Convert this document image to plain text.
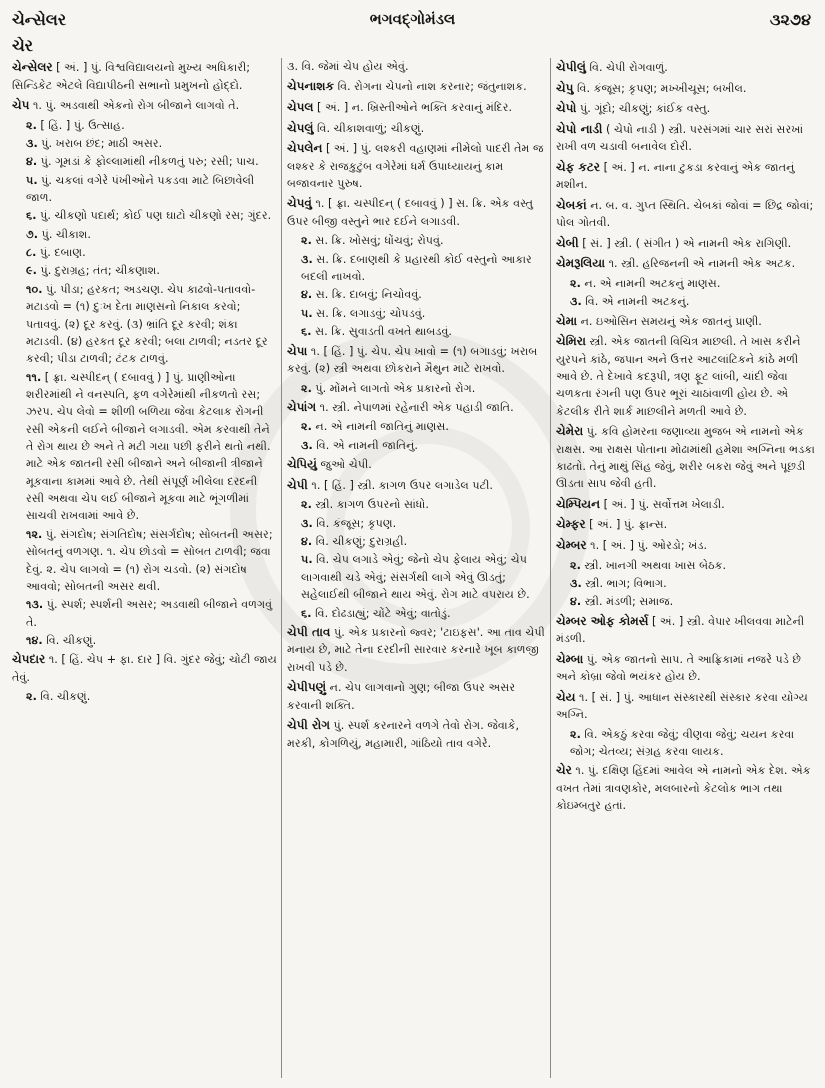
ચેન્સેલર	ભગવદ્ગોમંડલ	૩૨૭૪
ચેર
ચેન્સેલર [ અં. ] પું. વિશ્વવિદ્યાલયનો મુખ્ય અધિકારી; સિન્ડિકેટ એટલે વિદ્યાપીઠની સભાનો પ્રમુખનો હોદ્દો.
ચેપ ૧. પું. અડવાથી એકનો રોગ બીજાને લાગવો તે.
૨. [ હિં. ] પું. ઉત્સાહ.
૩. પું. ખરાબ છંદ; માઠી અસર.
૪. પું. ગૂમડાં કે ફોલ્લામાંથી નીકળતું પરુ; રસી; પાચ.
૫. પું. ચકલાં વગેરે પંખીઓને પકડવા માટે બિછાવેલી જાળ.
૬. પું. ચીકણો પદાર્થ; કોઈ પણ ઘાટો ચીકણો રસ; ગુંદર.
૭. પું. ચીકાશ.
૮. પું. દબાણ.
૯. પું. દુરાગ્રહ; તંત; ચીકણાશ.
૧૦. પું. પીડા; હરકત; અડચણ. ચેપ કાઢવો-પતાવવો-મટાડવો = (૧) દુઃખ દેતા માણસનો નિકાલ કરવો; પતાવવું. (૨) દૂર કરવું. (૩) ભ્રાંતિ દૂર કરવી; શંકા મટાડવી. (૪) હરકત દૂર કરવી; બલા ટાળવી; નડતર દૂર કરવી; પીડા ટાળવી; ટંટક ટાળવું.
૧૧. [ ફ્રા. ચસ્પીદન્ ( દબાવવું ) ] પું. પ્રાણીઓના શરીરમાંથી ને વનસ્પતિ, ફળ વગેરેમાંથી નીકળતો રસ; ઝરપ. ચેપ લેવો = શીળી બળિયા જેવા કેટલાક રોગની રસી એકની લઈને બીજાને લગાડવી. એમ કરવાથી તેને તે રોગ થાય છે અને તે મટી ગયા પછી ફરીને થતો નથી. માટે એક જાતની રસી બીજાને અને બીજાની ત્રીજાને મૂકવાના કામમાં આવે છે. તેથી સંપૂર્ણ ખીલેલા દરદની રસી અથવા ચેપ લઈ બીજાને મૂકવા માટે ભૂંગળીમાં સાચવી રાખવામાં આવે છે.
૧૨. પું. સંગદોષ; સંગતિદોષ; સંસર્ગદોષ; સોબતની અસર; સોબતનું વળગણ. ૧. ચેપ છોડવો = સોબત ટાળવી; જવા દેવું. ૨. ચેપ લાગવો = (૧) રોગ ચડવો. (૨) સંગદોષ આવવો; સોબતની અસર થવી.
૧૩. પું. સ્પર્શ; સ્પર્શની અસર; અડવાથી બીજાને વળગવું તે.
૧૪. વિ. ચીકણું.
ચેપદાર ૧. [ હિં. ચેપ + ફા. દાર ] વિ. ગુંદર જેવું; ચોટી જાય તેવું.
૨. વિ. ચીકણું.
૩. વિ. જેમાં ચેપ હોય એવું.
ચેપનાશક વિ. રોગના ચેપનો નાશ કરનાર; જંતુનાશક.
ચેપલ [ અં. ] ન. ખ્રિસ્તીઓને ભક્તિ કરવાનું મંદિર.
ચેપલું વિ. ચીકાશવાળું; ચીકણું.
ચેપલેન [ અં. ] પું. લશ્કરી વહાણમાં નીમેલો પાદરી તેમ જ લશ્કર કે રાજકુટુંબ વગેરેમાં ધર્મ ઉપાધ્યાયનું કામ બજાવનાર પુરુષ.
ચેપવું ૧. [ ફ્રા. ચસ્પીદન્ ( દબાવવું ) ] સ. ક્રિ. એક વસ્તુ ઉપર બીજી વસ્તુને ભાર દઈને લગાડવી.
૨. સ. ક્રિ. ખોસવું; ધોંચવું; રોપવું.
૩. સ. ક્રિ. દબાણથી કે પ્રહારથી કોઈ વસ્તુનો આકાર બદલી નાખવો.
૪. સ. ક્રિ. દાબવું; નિચોવવું.
૫. સ. ક્રિ. લગાડવું; ચોપડવું.
૬. સ. ક્રિ. સુવાડતી વખતે થાબડવું.
ચેપા ૧. [ હિં. ] પું. ચેપ. ચેપ ખાવો = (૧) બગાડવું; ખરાબ કરવું. (૨) સ્ત્રી અથવા છોકરાને મૈથુન માટે રાખવો.
૨. પું. મોંમને લાગતો એક પ્રકારનો રોગ.
ચેપાંગ ૧. સ્ત્રી. નેપાળમાં રહેનારી એક પહાડી જાતિ.
૨. ન. એ નામની જાતિનું માણસ.
૩. વિ. એ નામની જાતિનું.
ચેપિયું જુઓ ચેપી.
ચેપી ૧. [ હિં. ] સ્ત્રી. કાગળ ઉપર લગાડેલ પટી.
૨. સ્ત્રી. કાગળ ઉપરનો સાંધો.
૩. વિ. કંજૂસ; કૃપણ.
૪. વિ. ચીકણું; દુરાગ્રહી.
૫. વિ. ચેપ લગાડે એવું; જેનો ચેપ ફેલાય એવું; ચેપ લાગવાથી ચડે એવું; સંસર્ગથી લાગે એવું ઊડતું; સહેલાઈથી બીજાને થાય એવું. રોગ માટે વપરાય છે.
૬. વિ. દોઢડાહ્યું; ચોંટે એવું; વાતોડું.
ચેપી તાવ પું. એક પ્રકારનો જ્વર; 'ટાઇફસ'. આ તાવ ચેપી મનાય છે, માટે તેના દરદીની સારવાર કરનારે ખૂબ કાળજી રાખવી પડે છે.
ચેપીપણું ન. ચેપ લાગવાનો ગુણ; બીજા ઉપર અસર કરવાની શક્તિ.
ચેપી રોગ પું. સ્પર્શ કરનારને વળગે તેવો રોગ. જેવાકે, મરકી, કોગળિયું, મહામારી, ગાંઠિયો તાવ વગેરે.
ચેપીલું વિ. ચેપી રોગવાળું.
ચેપુ વિ. કંજૂસ; કૃપણ; મખ્ખીચૂસ; બખીલ.
ચેપો પું. ગૂંદો; ચીકણું; કાંઈક વસ્તુ.
ચેપો નાડી ( ચેપો નાડી ) સ્ત્રી. પરસંગમાં ચાર સરાં સરખાં રાખી વળ ચડાવી બનાવેલ દોરી.
ચેફ કટર [ અં. ] ન. નાના ટુકડા કરવાનું એક જાતનું મશીન.
ચેબકાં ન. બ. વ. ગુપ્ત સ્થિતિ. ચેબકાં જોવાં = છિદ્ર જોવાં; પોલ ગોતવી.
ચેબી [ સં. ] સ્ત્રી. ( સંગીત ) એ નામની એક રાગિણી.
ચેમરૂલિયા ૧. સ્ત્રી. હરિજનની એ નામની એક અટક.
૨. ન. એ નામની અટકનું માણસ.
૩. વિ. એ નામની અટકનું.
ચેમા ન. ઇઓસિન સમયનું એક જાતનું પ્રાણી.
ચેમિરા સ્ત્રી. એક જાતની વિચિત્ર માછલી. તે ખાસ કરીને યુરપને કાંઠે, જપાન અને ઉત્તર આટલાંટિકને કાંઠે મળી આવે છે. તે દેખાવે કદરૂપી, ત્રણ ફૂટ લાંબી, ચાંદી જેવા ચળકતા રંગની પણ ઉપર ભૂરાં ચાઠાંવાળી હોય છે. એ કેટલીક રીતે શાર્ક માછલીને મળતી આવે છે.
ચેમેરા પું. કવિ હોમરના જણાવ્યા મુજબ એ નામનો એક રાક્ષસ. આ રાક્ષસ પોતાના મોઢામાંથી હમેશા અગ્નિના ભડકા કાઢતો. તેનું માથું સિંહ જેવું, શરીર બકરા જેવું અને પૂછડી ઊડતા સાપ જેવી હતી.
ચેમ્પિયન [ અં. ] પું. સર્વોત્તમ ખેલાડી.
ચેમ્ફર [ અં. ] પું. ફ્રાન્સ.
ચેમ્બર ૧. [ અં. ] પું. ઓરડો; ખંડ.
૨. સ્ત્રી. ખાનગી અથવા ખાસ બેઠક.
૩. સ્ત્રી. ભાગ; વિભાગ.
૪. સ્ત્રી. મંડળી; સમાજ.
ચેમ્બર ઓફ કોમર્સ [ અં. ] સ્ત્રી. વેપાર ખીલવવા માટેની મંડળી.
ચેમ્બા પું. એક જાતનો સાપ. તે આફ્રિકામાં નજરે પડે છે અને કોબ્રા જેવો ભયંકર હોય છે.
ચેય ૧. [ સં. ] પું. આધાન સંસ્કારથી સંસ્કાર કરવા યોગ્ય અગ્નિ.
૨. વિ. એકઠું કરવા જેવું; વીણવા જેવું; ચયન કરવા જોગ; ચેતવ્ય; સંગ્રહ કરવા લાયક.
ચેર ૧. પું. દક્ષિણ હિંદમાં આવેલ એ નામનો એક દેશ. એક વખત તેમાં ત્રાવણકોર, મલબારનો કેટલોક ભાગ તથા કોઇમ્બતુર હતાં.
